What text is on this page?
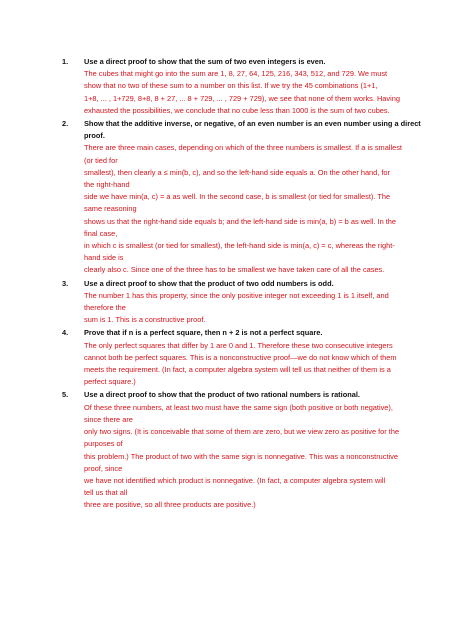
1. Use a direct proof to show that the sum of two even integers is even.
The cubes that might go into the sum are 1, 8, 27, 64, 125, 216, 343, 512, and 729. We must
show that no two of these sum to a number on this list. If we try the 45 combinations (1+1,
1+8, ... , 1+729, 8+8, 8 + 27, ... 8 + 729, ... , 729 + 729), we see that none of them works. Having
exhausted the possibilities, we conclude that no cube less than 1000 is the sum of two cubes.
2. Show that the additive inverse, or negative, of an even number is an even number using a direct
proof.
There are three main cases, depending on which of the three numbers is smallest. If a is smallest
(or tied for
smallest), then clearly a ≤ min(b, c), and so the left-hand side equals a. On the other hand, for
the right-hand
side we have min(a, c) = a as well. In the second case, b is smallest (or tied for smallest). The
same reasoning
shows us that the right-hand side equals b; and the left-hand side is min(a, b) = b as well. In the
final case,
in which c is smallest (or tied for smallest), the left-hand side is min(a, c) = c, whereas the right-
hand side is
clearly also c. Since one of the three has to be smallest we have taken care of all the cases.
3. Use a direct proof to show that the product of two odd numbers is odd.
The number 1 has this property, since the only positive integer not exceeding 1 is 1 itself, and
therefore the
sum is 1. This is a constructive proof.
4. Prove that if n is a perfect square, then n + 2 is not a perfect square.
The only perfect squares that differ by 1 are 0 and 1. Therefore these two consecutive integers
cannot both be perfect squares. This is a nonconstructive proof—we do not know which of them
meets the requirement. (In fact, a computer algebra system will tell us that neither of them is a
perfect square.)
5. Use a direct proof to show that the product of two rational numbers is rational.
Of these three numbers, at least two must have the same sign (both positive or both negative),
since there are
only two signs. (It is conceivable that some of them are zero, but we view zero as positive for the
purposes of
this problem.) The product of two with the same sign is nonnegative. This was a nonconstructive
proof, since
we have not identified which product is nonnegative. (In fact, a computer algebra system will
tell us that all
three are positive, so all three products are positive.)
